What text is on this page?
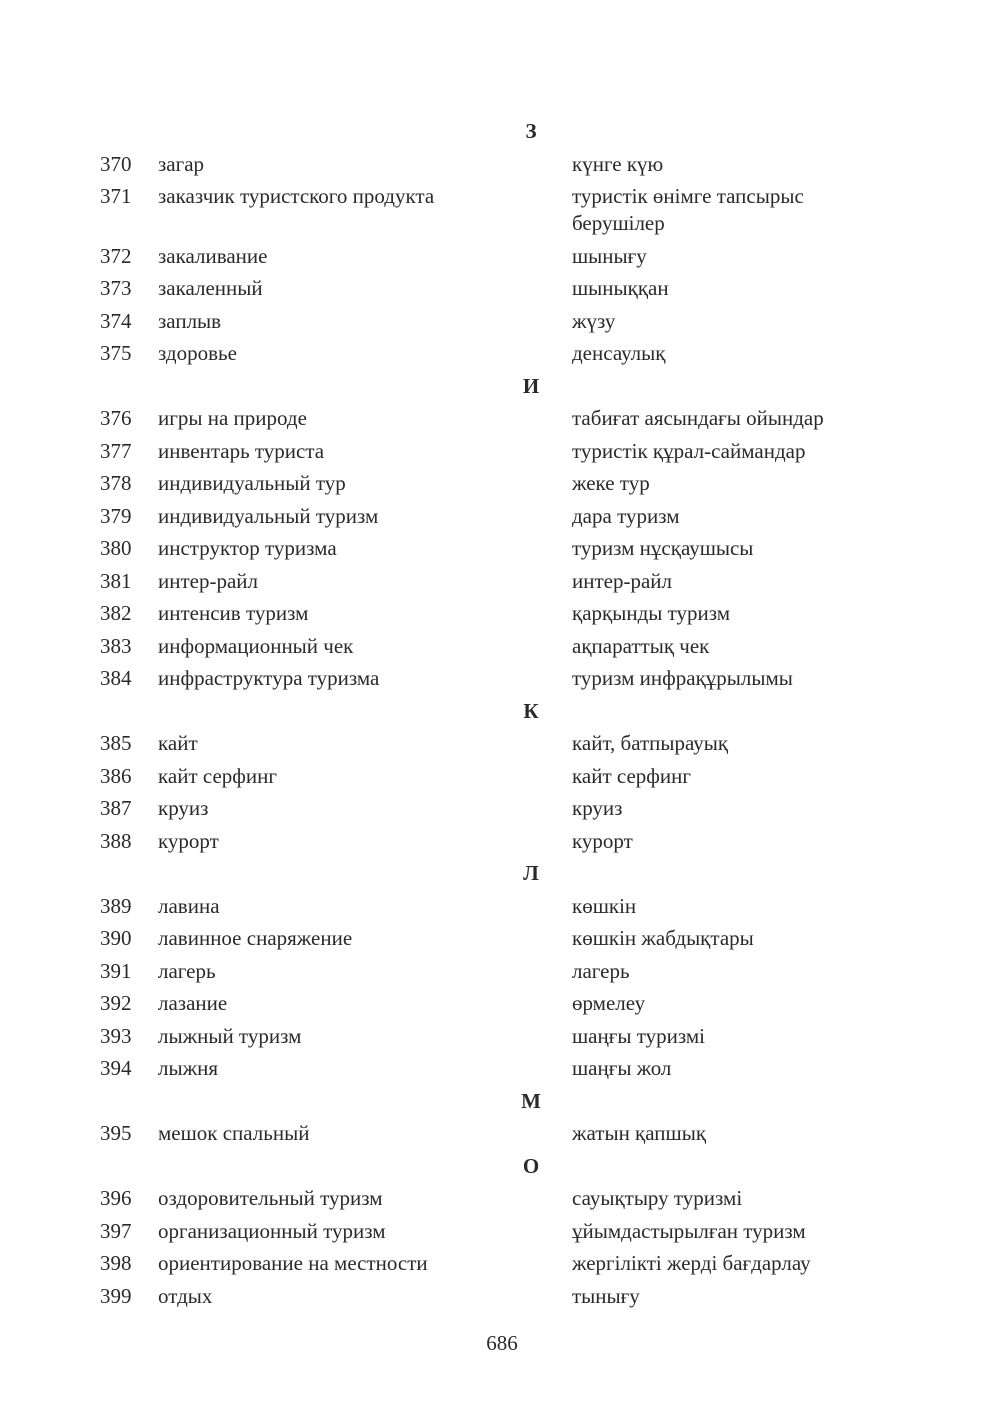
З
370 загар	күнге күю
371 заказчик туристского продукта	туристік өнімге тапсырыс берушілер
372 закаливание	шынығу
373 закаленный	шыныққан
374 заплыв	жүзу
375 здоровье	денсаулық
И
376 игры на природе	табиғат аясындағы ойындар
377 инвентарь туриста	туристік құрал-саймандар
378 индивидуальный тур	жеке тур
379 индивидуальный туризм	дара туризм
380 инструктор туризма	туризм нұсқаушысы
381 интер-райл	интер-райл
382 интенсив туризм	қарқынды туризм
383 информационный чек	ақпараттық чек
384 инфраструктура туризма	туризм инфрақұрылымы
К
385 кайт	кайт, батпырауық
386 кайт серфинг	кайт серфинг
387 круиз	круиз
388 курорт	курорт
Л
389 лавина	көшкін
390 лавинное снаряжение	көшкін жабдықтары
391 лагерь	лагерь
392 лазание	өрмелеу
393 лыжный туризм	шаңғы туризмі
394 лыжня	шаңғы жол
М
395 мешок спальный	жатын қапшық
О
396 оздоровительный туризм	сауықтыру туризмі
397 организационный туризм	ұйымдастырылған туризм
398 ориентирование на местности	жергілікті жерді бағдарлау
399 отдых	тынығу
686
